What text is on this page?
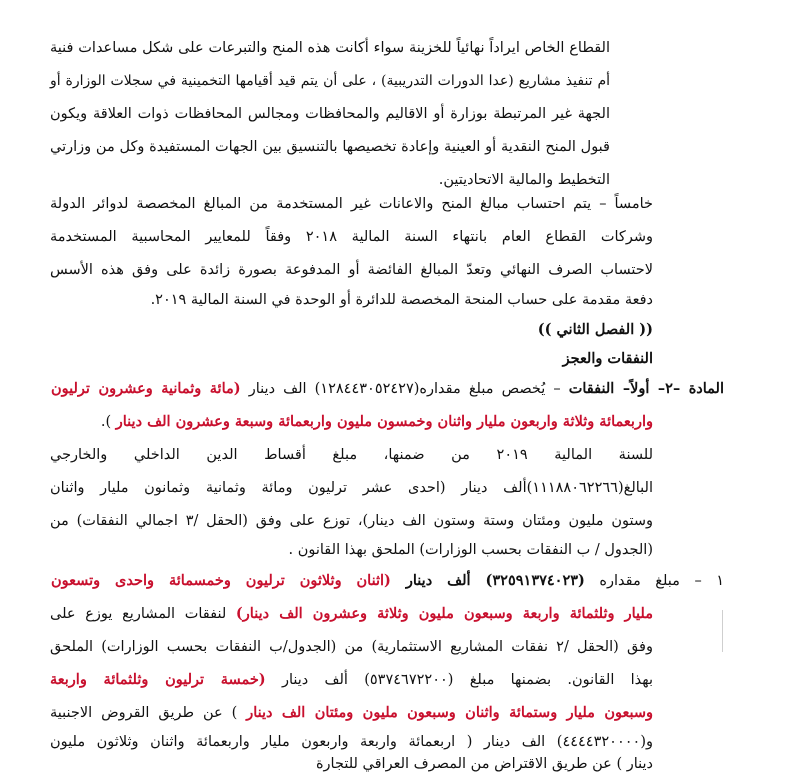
القطاع الخاص ايراداً نهائياً للخزينة سواء أكانت هذه المنح والتبرعات على شكل مساعدات فنية
أم تنفيذ مشاريع (عدا الدورات التدريبية) ، على أن يتم قيد أقيامها التخمينية في سجلات الوزارة أو
الجهة غير المرتبطة بوزارة أو الاقاليم والمحافظات ومجالس المحافظات ذوات العلاقة ويكون
قبول المنح النقدية أو العينية وإعادة تخصيصها بالتنسيق بين الجهات المستفيدة وكل من وزارتي
التخطيط والمالية الاتحاديتين.
خامساً – يتم احتساب مبالغ المنح والاعانات غير المستخدمة من المبالغ المخصصة لدوائر الدولة
وشركات القطاع العام بانتهاء السنة المالية ٢٠١٨ وفقاً للمعايير المحاسبية المستخدمة
لاحتساب الصرف النهائي وتعدّ المبالغ الفائضة أو المدفوعة بصورة زائدة على وفق هذه الأسس
دفعة مقدمة على حساب المنحة المخصصة للدائرة أو الوحدة في السنة المالية ٢٠١٩.
(( الفصل الثاني ))
النفقات والعجز
المادة –٢– أولاً– النفقات – يُخصص مبلغ مقداره(١٢٨٤٤٣٠٥٢٤٢٧) الف دينار (مائة وثمانية وعشرون ترليون
واربعمائة وثلاثة واربعون مليار واثنان وخمسون مليون واربعمائة وسبعة وعشرون الف دينار ).
للسنة المالية ٢٠١٩ من ضمنها، مبلغ أقساط الدين الداخلي والخارجي
البالغ(١١١٨٨٠٦٢٢٦٦)ألف دينار (احدى عشر ترليون ومائة وثمانية وثمانون مليار واثنان
وستون مليون ومئتان وستة وستون الف دينار)، توزع على وفق (الحقل /٣ اجمالي النفقات) من
(الجدول / ب النفقات بحسب الوزارات) الملحق بهذا القانون .
١ – مبلغ مقداره (٣٢٥٩١٣٧٤٠٢٣) ألف دينار (اثنان وثلاثون ترليون وخمسمائة واحدى وتسعون
مليار وثلثمائة واربعة وسبعون مليون وثلاثة وعشرون الف دينار) لنفقات المشاريع يوزع على
وفق (الحقل /٢ نفقات المشاريع الاستثمارية) من (الجدول/ب النفقات بحسب الوزارات) الملحق
بهذا القانون. بضمنها مبلغ (٥٣٧٤٦٧٢٢٠٠) ألف دينار (خمسة ترليون وثلثمائة واربعة
وسبعون مليار وستمائة واثنان وسبعون مليون ومئتان الف دينار ) عن طريق القروض الاجنبية
و(٤٤٤٤٣٢٠٠٠٠) الف دينار ( اربعمائة واربعة واربعون مليار واربعمائة واثنان وثلاثون مليون
دينار ) عن طريق الاقتراض من المصرف العراقي للتجارة
